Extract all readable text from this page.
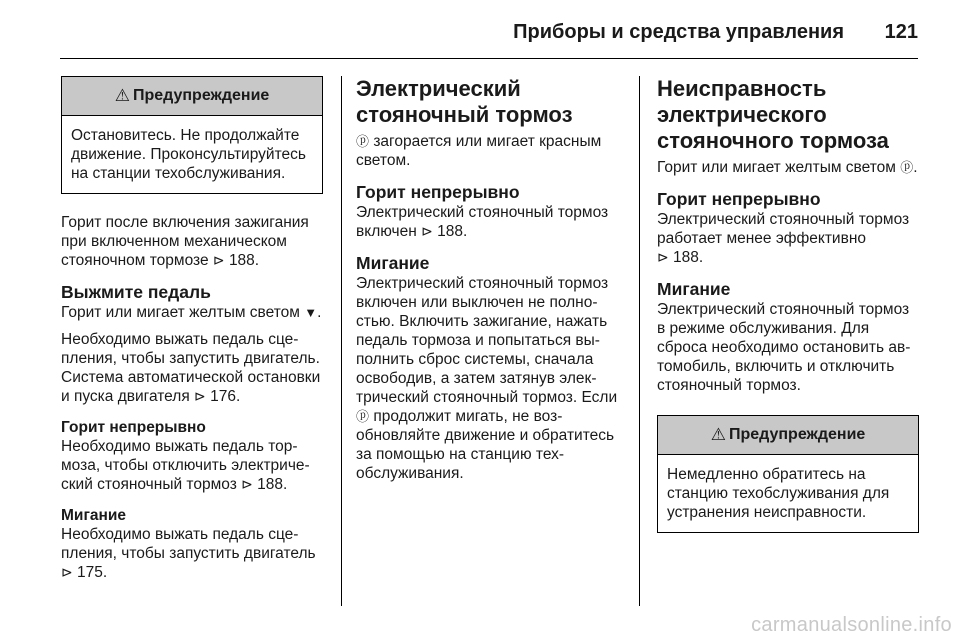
Приборы и средства управления 121
⚠ Предупреждение
Остановитесь. Не продолжайте движение. Проконсультируйтесь на станции техобслуживания.

Горит после включения зажигания при включенном механическом стояночном тормозе ⊳ 188.

Выжмите педаль

Горит или мигает желтым светом ▼.

Необходимо выжать педаль сцепления, чтобы запустить двигатель. Система автоматической остановки и пуска двигателя ⊳ 176.

Горит непрерывно

Необходимо выжать педаль тормоза, чтобы отключить электрический стояночный тормоз ⊳ 188.

Мигание

Необходимо выжать педаль сцепления, чтобы запустить двигатель
⊳ 175.

Электрический стояночный тормоз

ⓟ загорается или мигает красным светом.

Горит непрерывно

Электрический стояночный тормоз включен ⊳ 188.

Мигание

Электрический стояночный тормоз включен или выключен не полностью. Включить зажигание, нажать педаль тормоза и попытаться выполнить сброс системы, сначала освободив, а затем затянув электрический стояночный тормоз. Если ⓟ продолжит мигать, не возобновляйте движение и обратитесь за помощью на станцию техобслуживания.

Неисправность электрического стояночного тормоза

Горит или мигает желтым светом ⓟ.

Горит непрерывно

Электрический стояночный тормоз работает менее эффективно
⊳ 188.

Мигание

Электрический стояночный тормоз в режиме обслуживания. Для сброса необходимо остановить автомобиль, включить и отключить стояночный тормоз.

⚠ Предупреждение
Немедленно обратитесь на станцию техобслуживания для устранения неисправности.
carmanualsonline.info
